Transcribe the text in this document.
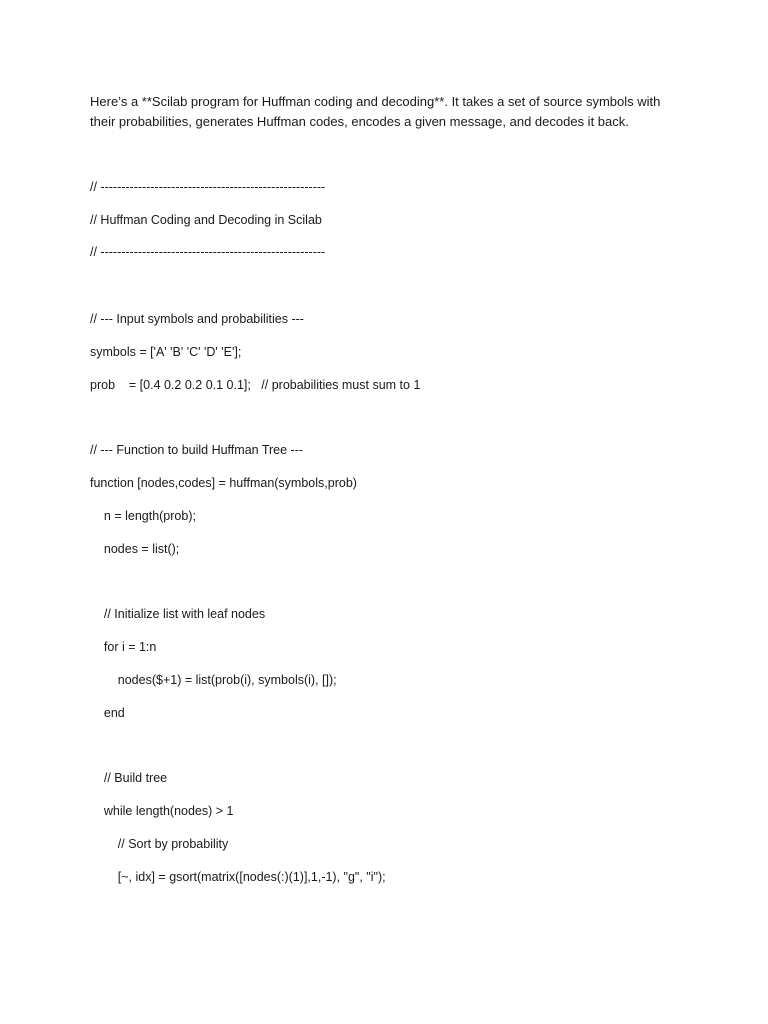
Here’s a **Scilab program for Huffman coding and decoding**. It takes a set of source symbols with
their probabilities, generates Huffman codes, encodes a given message, and decodes it back.
// ------------------------------------------------------
// Huffman Coding and Decoding in Scilab
// ------------------------------------------------------
// --- Input symbols and probabilities ---
symbols = ['A' 'B' 'C' 'D' 'E'];
prob    = [0.4 0.2 0.2 0.1 0.1];   // probabilities must sum to 1
// --- Function to build Huffman Tree ---
function [nodes,codes] = huffman(symbols,prob)
n = length(prob);
nodes = list();
// Initialize list with leaf nodes
for i = 1:n
nodes($+1) = list(prob(i), symbols(i), []);
end
// Build tree
while length(nodes) > 1
// Sort by probability
[~, idx] = gsort(matrix([nodes(:)(1)],1,-1), "g", "i");
